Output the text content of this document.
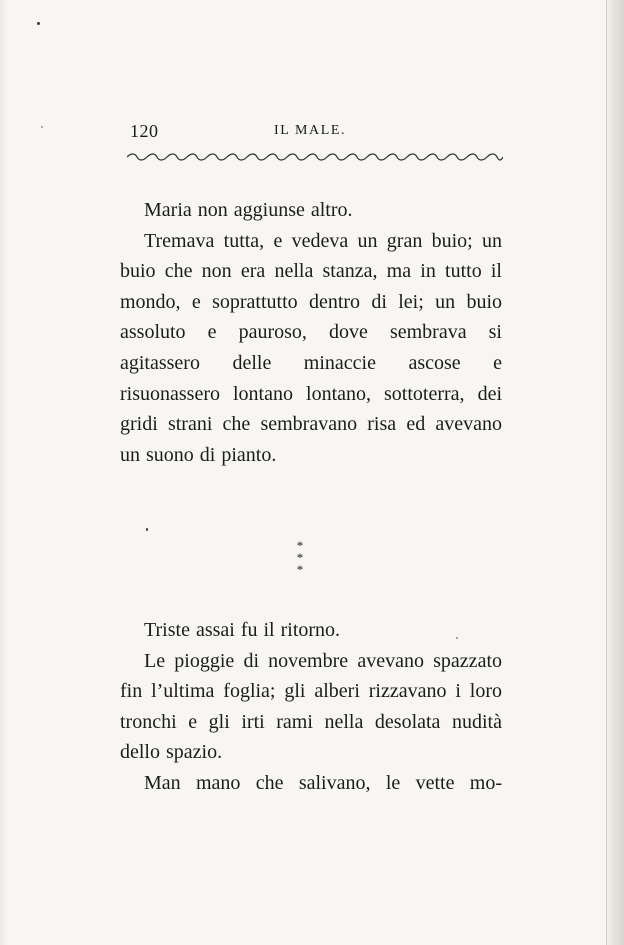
120	IL MALE.

Maria non aggiunse altro.

Tremava tutta, e vedeva un gran buio; un buio che non era nella stanza, ma in tutto il mondo, e soprattutto dentro di lei; un buio assoluto e pauroso, dove sembrava si agitassero delle minaccie ascose e risuonassero lontano lontano, sottoterra, dei gridi strani che sembravano risa ed avevano un suono di pianto.

*
* *

Triste assai fu il ritorno.

Le pioggie di novembre avevano spazzato fin l’ultima foglia; gli alberi rizzavano i loro tronchi e gli irti rami nella desolata nudità dello spazio.

Man mano che salivano, le vette mo-
